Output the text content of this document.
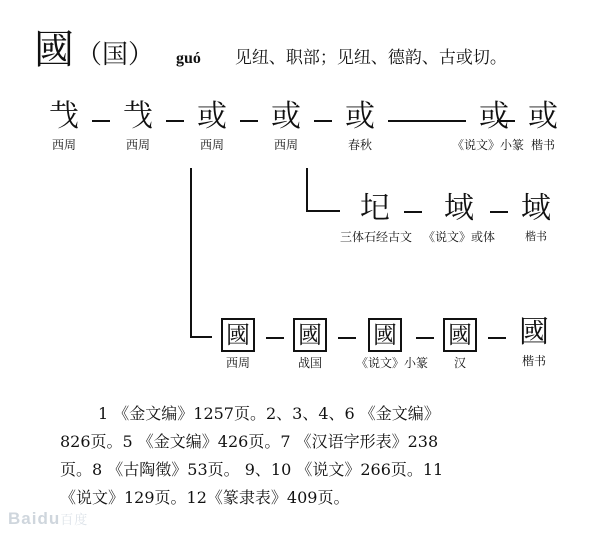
國 （国） guó 见纽、职部；见纽、德韵、古或切。
𢦏
西周
𢦏
西周
或
西周
或
西周
或
春秋
或
《说文》小篆
或
楷书
𡉏
三体石经古文
域
《说文》或体
域
楷书
國
西周
國
战国
國
《说文》小篆
國
汉
國
楷书

1 《金文编》1257页。2、3、4、6 《金文编》

826页。5 《金文编》426页。7 《汉语字形表》238

页。8 《古陶徵》53页。 9、10 《说文》266页。11

《说文》129页。12《篆隶表》409页。

Baidu百度
